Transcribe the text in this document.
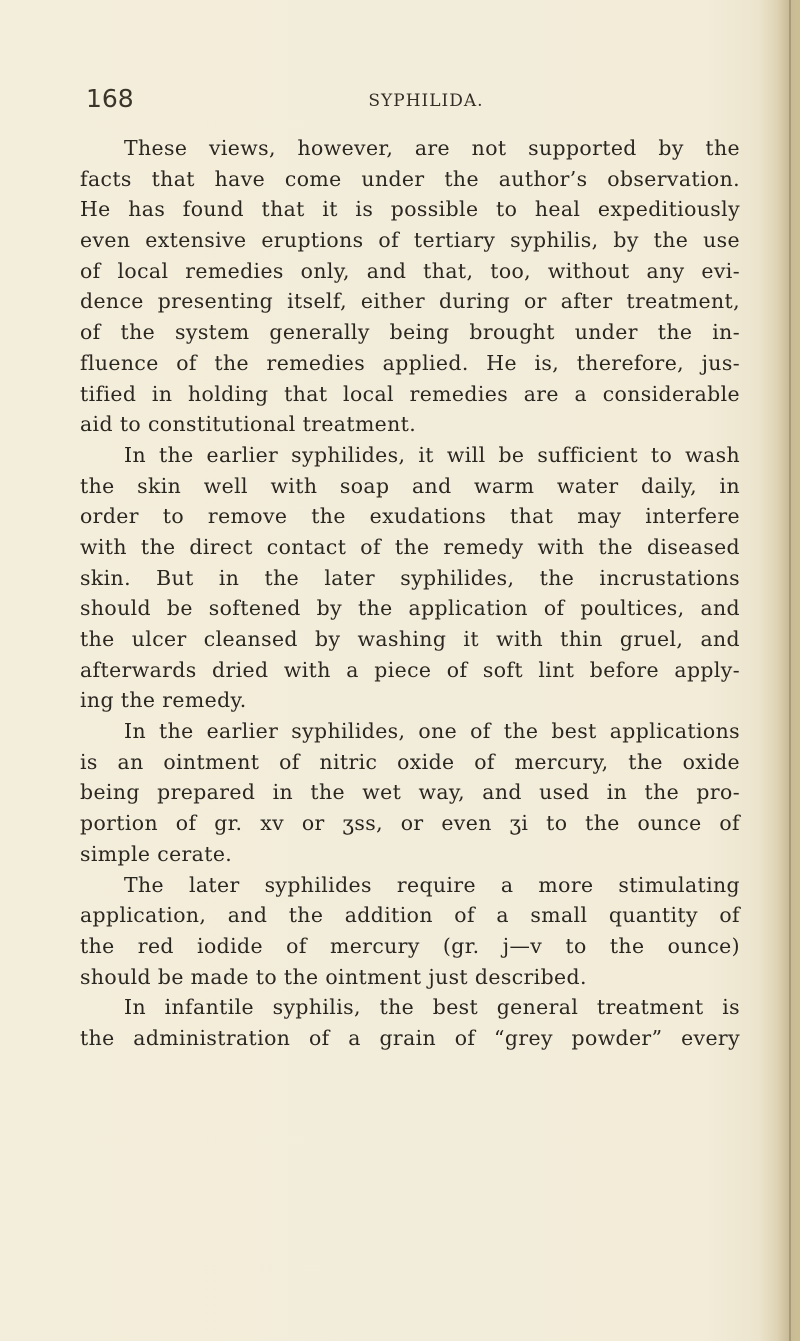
168	SYPHILIDA.
These views, however, are not supported by the
facts that have come under the author’s observation.
He has found that it is possible to heal expeditiously
even extensive eruptions of tertiary syphilis, by the use
of local remedies only, and that, too, without any evi-
dence presenting itself, either during or after treatment,
of the system generally being brought under the in-
fluence of the remedies applied. He is, therefore, jus-
tified in holding that local remedies are a considerable
aid to constitutional treatment.
In the earlier syphilides, it will be sufficient to wash
the skin well with soap and warm water daily, in
order to remove the exudations that may interfere
with the direct contact of the remedy with the diseased
skin. But in the later syphilides, the incrustations
should be softened by the application of poultices, and
the ulcer cleansed by washing it with thin gruel, and
afterwards dried with a piece of soft lint before apply-
ing the remedy.
In the earlier syphilides, one of the best applications
is an ointment of nitric oxide of mercury, the oxide
being prepared in the wet way, and used in the pro-
portion of gr. xv or ʒss, or even ʒi to the ounce of
simple cerate.
The later syphilides require a more stimulating
application, and the addition of a small quantity of
the red iodide of mercury (gr. j—v to the ounce)
should be made to the ointment just described.
In infantile syphilis, the best general treatment is
the administration of a grain of “grey powder” every
